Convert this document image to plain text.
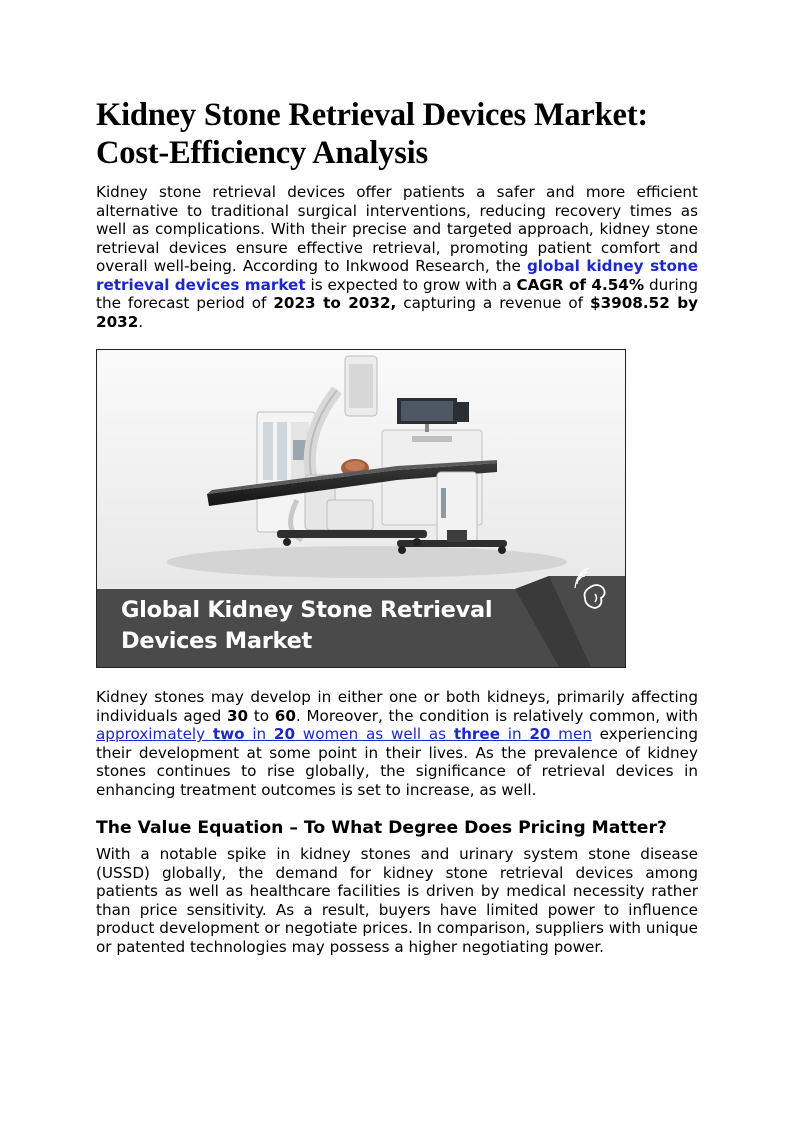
Kidney Stone Retrieval Devices Market: Cost-Efficiency Analysis

Kidney stone retrieval devices offer patients a safer and more efficient alternative to traditional surgical interventions, reducing recovery times as well as complications. With their precise and targeted approach, kidney stone retrieval devices ensure effective retrieval, promoting patient comfort and overall well-being. According to Inkwood Research, the global kidney stone retrieval devices market is expected to grow with a CAGR of 4.54% during the forecast period of 2023 to 2032, capturing a revenue of $3908.52 by 2032.

Global Kidney Stone Retrieval
Devices Market

Kidney stones may develop in either one or both kidneys, primarily affecting individuals aged 30 to 60. Moreover, the condition is relatively common, with approximately two in 20 women as well as three in 20 men experiencing their development at some point in their lives. As the prevalence of kidney stones continues to rise globally, the significance of retrieval devices in enhancing treatment outcomes is set to increase, as well.

The Value Equation – To What Degree Does Pricing Matter?

With a notable spike in kidney stones and urinary system stone disease (USSD) globally, the demand for kidney stone retrieval devices among patients as well as healthcare facilities is driven by medical necessity rather than price sensitivity. As a result, buyers have limited power to influence product development or negotiate prices. In comparison, suppliers with unique or patented technologies may possess a higher negotiating power.
